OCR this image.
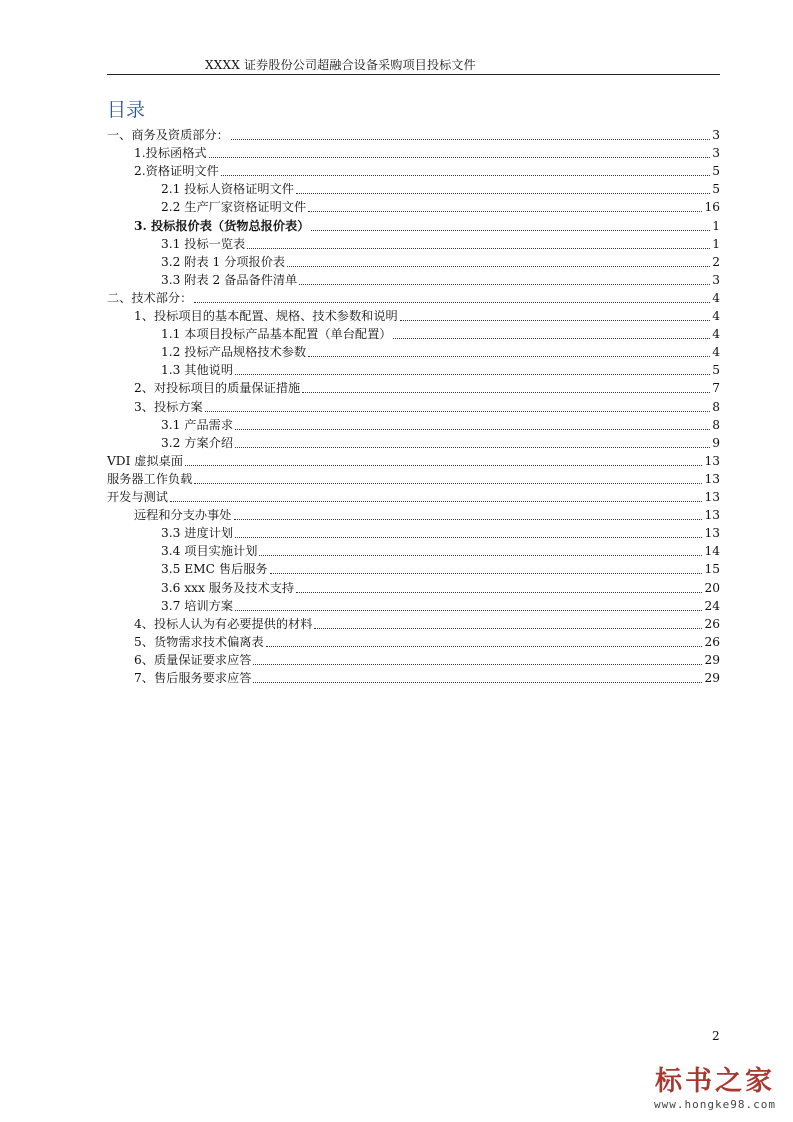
XXXX 证券股份公司超融合设备采购项目投标文件
目录
一、商务及资质部分：	3
1.投标函格式	3
2.资格证明文件	5
2.1 投标人资格证明文件	5
2.2 生产厂家资格证明文件	16
3. 投标报价表（货物总报价表）	1
3.1 投标一览表	1
3.2 附表 1 分项报价表	2
3.3 附表 2 备品备件清单	3
二、技术部分：	4
1、投标项目的基本配置、规格、技术参数和说明	4
1.1 本项目投标产品基本配置（单台配置）	4
1.2 投标产品规格技术参数	4
1.3 其他说明	5
2、对投标项目的质量保证措施	7
3、投标方案	8
3.1 产品需求	8
3.2 方案介绍	9
VDI 虚拟桌面	13
服务器工作负载	13
开发与测试	13
远程和分支办事处	13
3.3 进度计划	13
3.4 项目实施计划	14
3.5 EMC 售后服务	15
3.6 xxx 服务及技术支持	20
3.7 培训方案	24
4、投标人认为有必要提供的材料	26
5、货物需求技术偏离表	26
6、质量保证要求应答	29
7、售后服务要求应答	29
2
标书之家
www.hongke98.com
